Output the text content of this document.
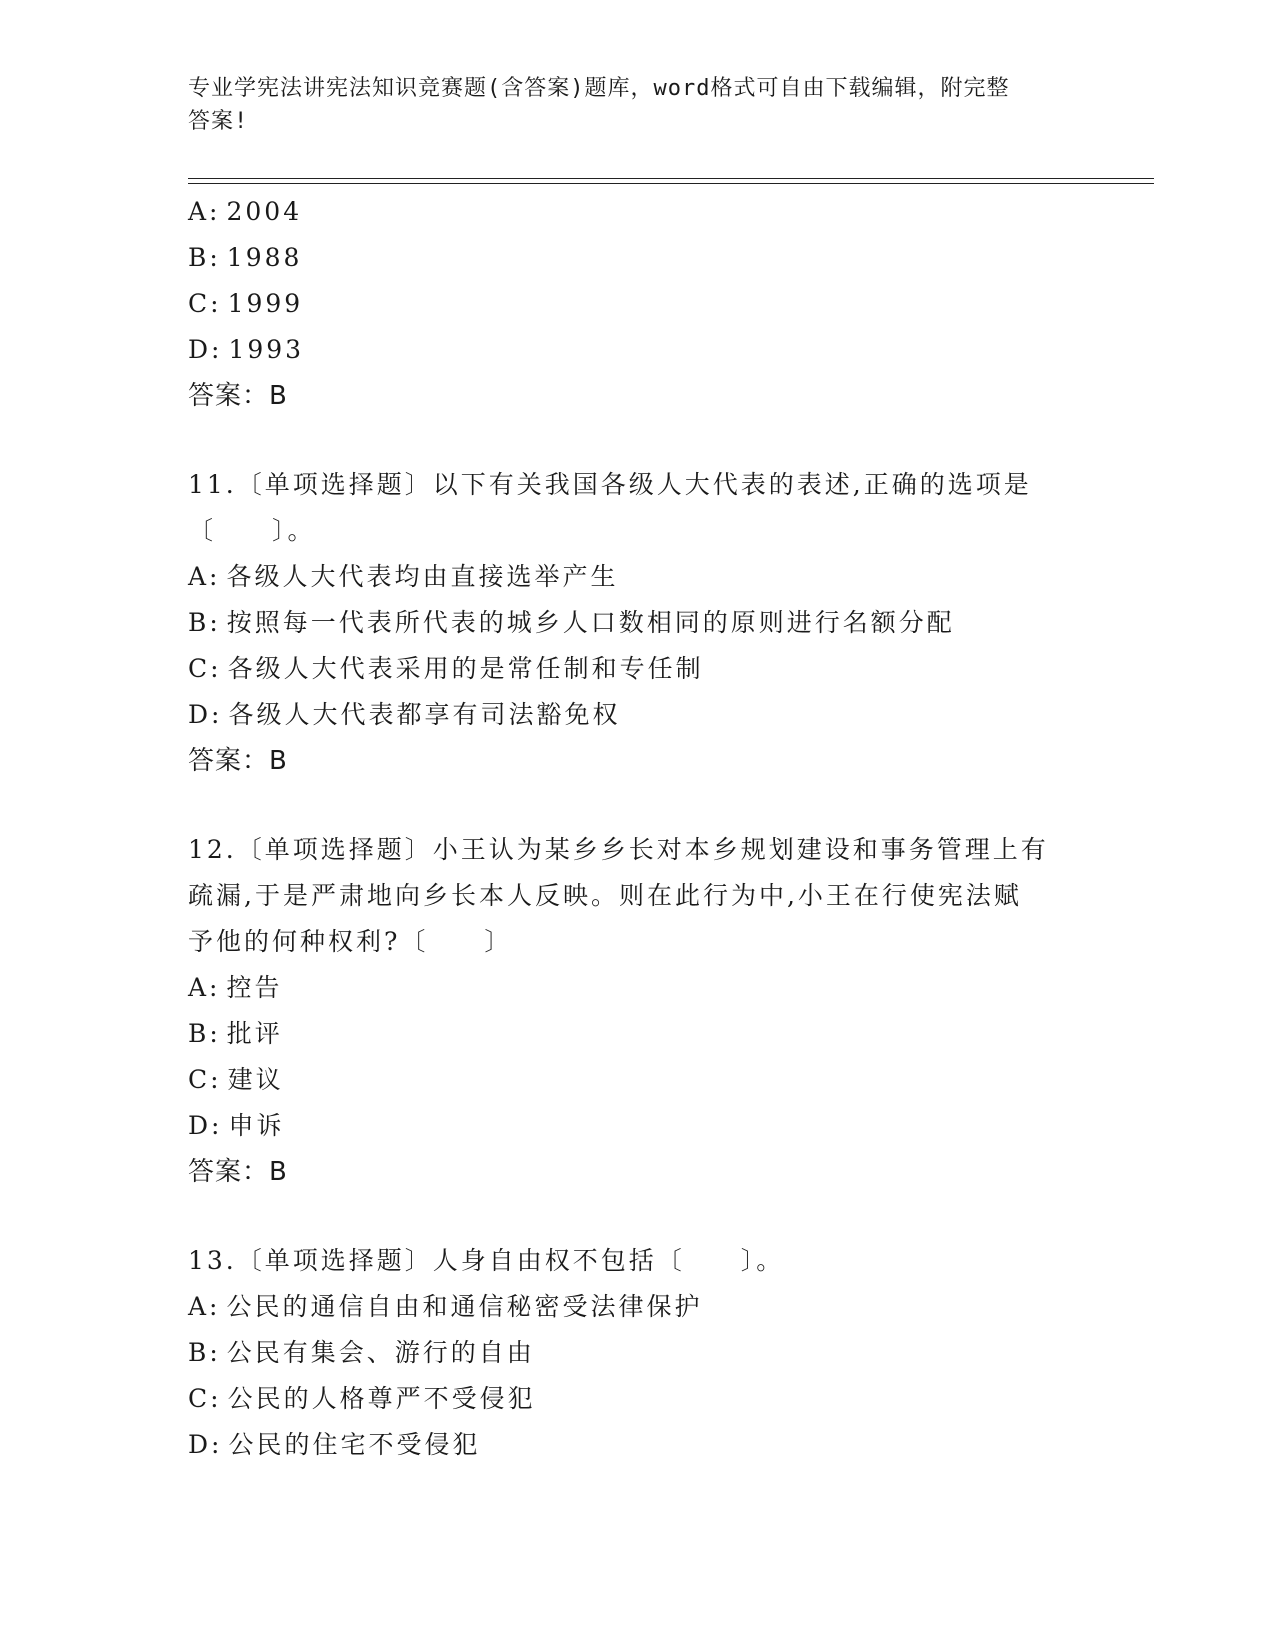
专业学宪法讲宪法知识竞赛题(含答案)题库，word格式可自由下载编辑，附完整
答案!
A: 2004
B: 1988
C: 1999
D: 1993
答案：B
11.〔单项选择题〕以下有关我国各级人大代表的表述,正确的选项是
〔　　〕。
A: 各级人大代表均由直接选举产生
B: 按照每一代表所代表的城乡人口数相同的原则进行名额分配
C: 各级人大代表采用的是常任制和专任制
D: 各级人大代表都享有司法豁免权
答案：B
12.〔单项选择题〕小王认为某乡乡长对本乡规划建设和事务管理上有
疏漏,于是严肃地向乡长本人反映。则在此行为中,小王在行使宪法赋
予他的何种权利?〔　　〕
A: 控告
B: 批评
C: 建议
D: 申诉
答案：B
13.〔单项选择题〕人身自由权不包括〔　　〕。
A: 公民的通信自由和通信秘密受法律保护
B: 公民有集会、游行的自由
C: 公民的人格尊严不受侵犯
D: 公民的住宅不受侵犯
